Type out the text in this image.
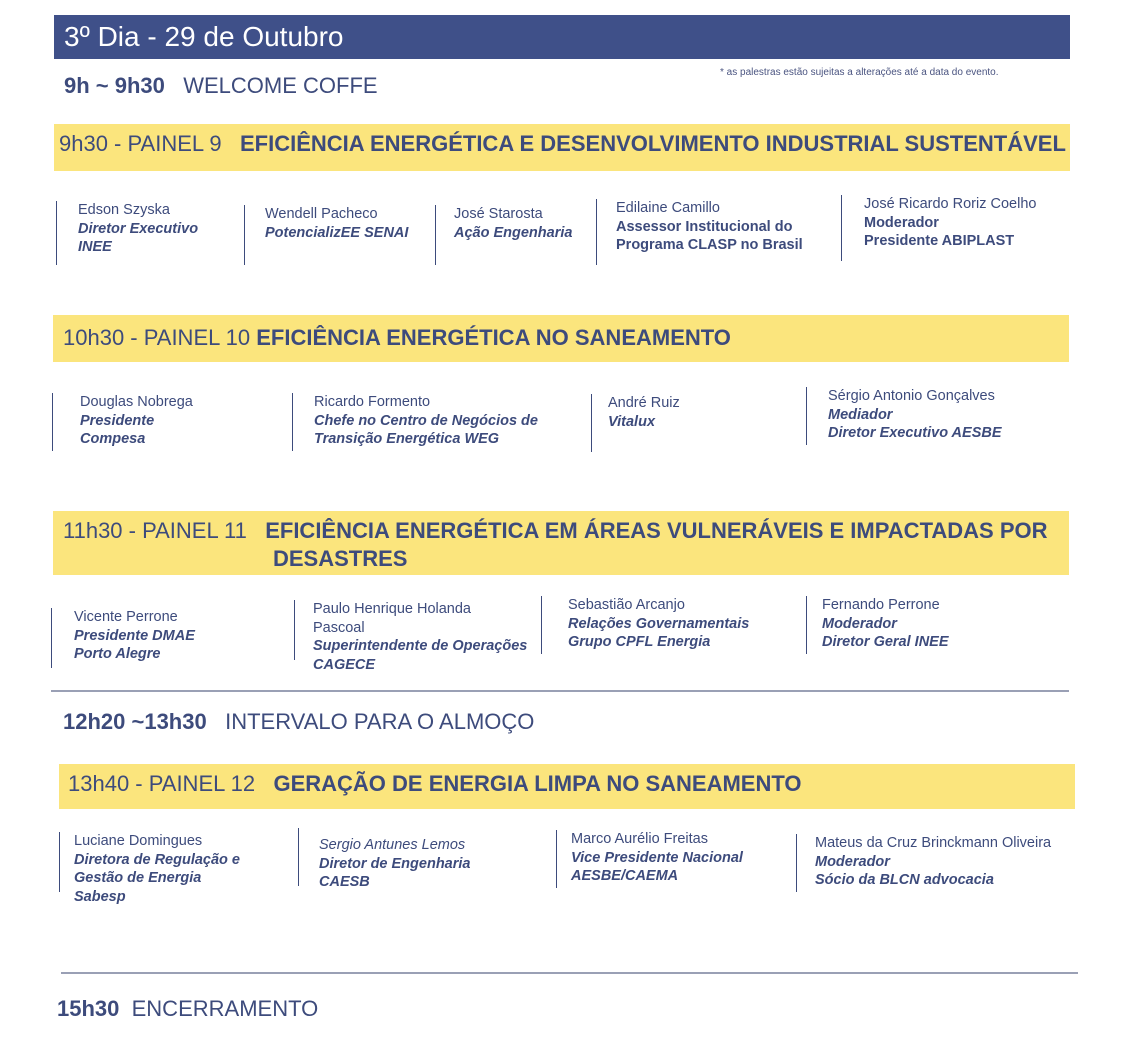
3º Dia - 29 de Outubro
9h ~ 9h30 WELCOME COFFE
* as palestras estão sujeitas a alterações até a data do evento.
9h30 - PAINEL 9 EFICIÊNCIA ENERGÉTICA E DESENVOLVIMENTO INDUSTRIAL SUSTENTÁVEL
Edson Szyska
Diretor Executivo
INEE
Wendell Pacheco
PotencializEE SENAI
José Starosta
Ação Engenharia
Edilaine Camillo
Assessor Institucional do
Programa CLASP no Brasil
José Ricardo Roriz Coelho
Moderador
Presidente ABIPLAST
10h30 - PAINEL 10 EFICIÊNCIA ENERGÉTICA NO SANEAMENTO
Douglas Nobrega
Presidente
Compesa
Ricardo Formento
Chefe no Centro de Negócios de
Transição Energética WEG
André Ruiz
Vitalux
Sérgio Antonio Gonçalves
Mediador
Diretor Executivo AESBE
11h30 - PAINEL 11 EFICIÊNCIA ENERGÉTICA EM ÁREAS VULNERÁVEIS E IMPACTADAS POR
DESASTRES
Vicente Perrone
Presidente DMAE
Porto Alegre
Paulo Henrique Holanda
Pascoal
Superintendente de Operações
CAGECE
Sebastião Arcanjo
Relações Governamentais
Grupo CPFL Energia
Fernando Perrone
Moderador
Diretor Geral INEE
12h20 ~13h30 INTERVALO PARA O ALMOÇO
13h40 - PAINEL 12 GERAÇÃO DE ENERGIA LIMPA NO SANEAMENTO
Luciane Domingues
Diretora de Regulação e
Gestão de Energia
Sabesp
Sergio Antunes Lemos
Diretor de Engenharia
CAESB
Marco Aurélio Freitas
Vice Presidente Nacional
AESBE/CAEMA
Mateus da Cruz Brinckmann Oliveira
Moderador
Sócio da BLCN advocacia
15h30 ENCERRAMENTO
